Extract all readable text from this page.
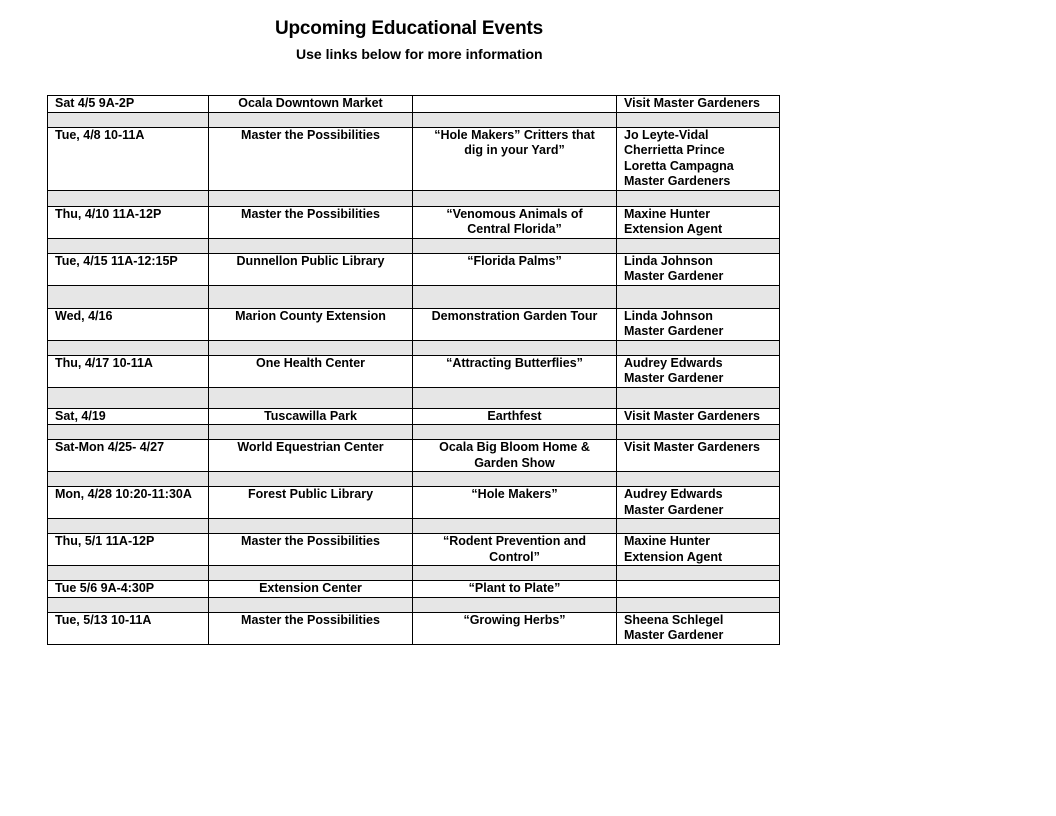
Upcoming Educational Events
Use links below for more information
Sat 4/5 9A-2P	Ocala Downtown Market		Visit Master Gardeners

Tue, 4/8 10-11A	Master the Possibilities	“Hole Makers” Critters that
dig in your Yard”	Jo Leyte-Vidal
Cherrietta Prince
Loretta Campagna
Master Gardeners

Thu, 4/10 11A-12P	Master the Possibilities	“Venomous Animals of
Central Florida”	Maxine Hunter
Extension Agent

Tue, 4/15 11A-12:15P	Dunnellon Public Library	“Florida Palms”	Linda Johnson
Master Gardener

Wed, 4/16	Marion County Extension	Demonstration Garden Tour	Linda Johnson
Master Gardener

Thu, 4/17 10-11A	One Health Center	“Attracting Butterflies”	Audrey Edwards
Master Gardener

Sat, 4/19	Tuscawilla Park	Earthfest	Visit Master Gardeners

Sat-Mon 4/25- 4/27	World Equestrian Center	Ocala Big Bloom Home &
Garden Show	Visit Master Gardeners

Mon, 4/28 10:20-11:30A	Forest Public Library	“Hole Makers”	Audrey Edwards
Master Gardener

Thu, 5/1 11A-12P	Master the Possibilities	“Rodent Prevention and
Control”	Maxine Hunter
Extension Agent

Tue 5/6 9A-4:30P	Extension Center	“Plant to Plate”	

Tue, 5/13 10-11A	Master the Possibilities	“Growing Herbs”	Sheena Schlegel
Master Gardener
